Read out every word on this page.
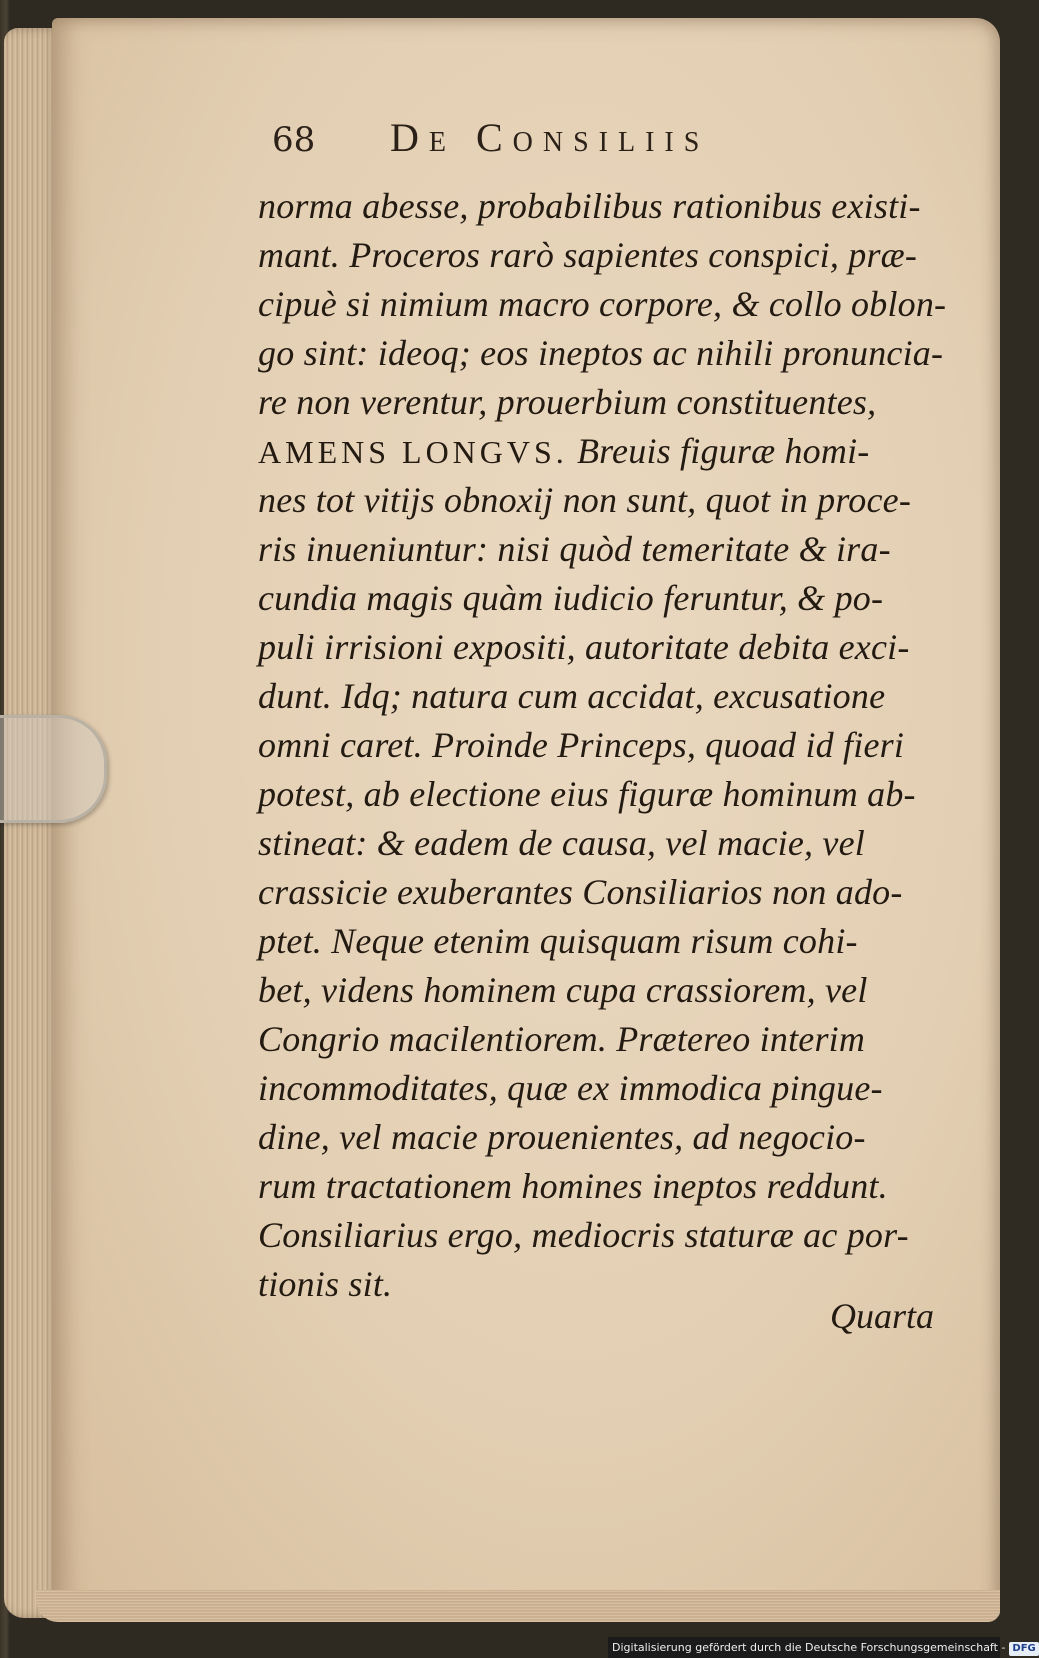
68 De Consiliis
norma abesse, probabilibus rationibus existi-
mant. Proceros rarò sapientes conspici, præ-
cipuè si nimium macro corpore, & collo oblon-
go sint: ideoq; eos ineptos ac nihili pronuncia-
re non verentur, prouerbium constituentes,
AMENS LONGVS. Breuis figuræ homi-
nes tot vitijs obnoxij non sunt, quot in proce-
ris inueniuntur: nisi quòd temeritate & ira-
cundia magis quàm iudicio feruntur, & po-
puli irrisioni expositi, autoritate debita exci-
dunt. Idq; natura cum accidat, excusatione
omni caret. Proinde Princeps, quoad id fieri
potest, ab electione eius figuræ hominum ab-
stineat: & eadem de causa, vel macie, vel
crassicie exuberantes Consiliarios non ado-
ptet. Neque etenim quisquam risum cohi-
bet, videns hominem cupa crassiorem, vel
Congrio macilentiorem. Prætereo interim
incommoditates, quæ ex immodica pingue-
dine, vel macie prouenientes, ad negocio-
rum tractationem homines ineptos reddunt.
Consiliarius ergo, mediocris staturæ ac por-
tionis sit.
Quarta
Digitalisierung gefördert durch die Deutsche Forschungsgemeinschaft - DFG
